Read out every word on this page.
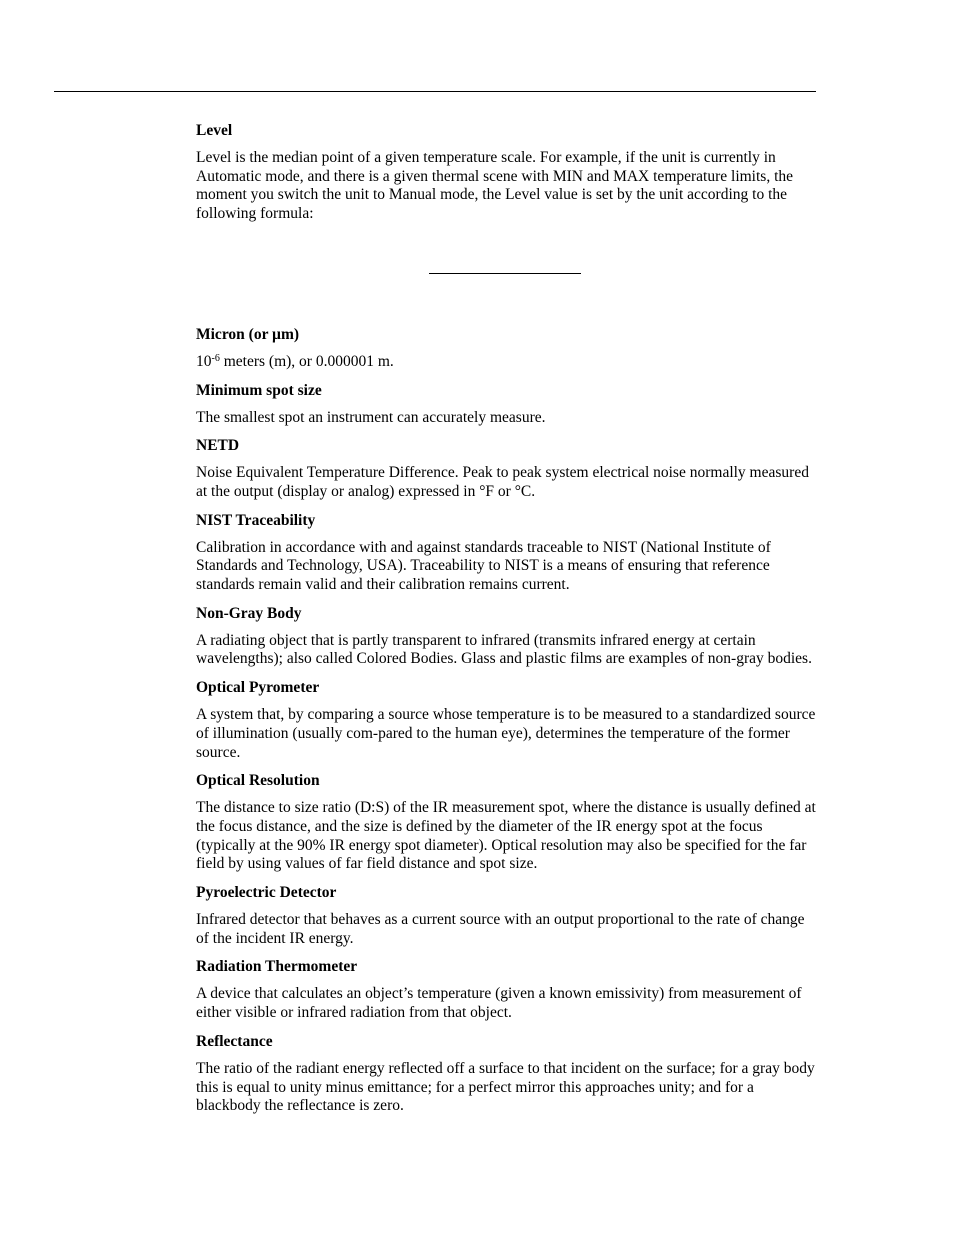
Level
Level is the median point of a given temperature scale. For example, if the unit is currently in Automatic mode, and there is a given thermal scene with MIN and MAX temperature limits, the moment you switch the unit to Manual mode, the Level value is set by the unit according to the following formula:
Micron (or µm)
$10^{-6}$ meters (m), or 0.000001 m.
Minimum spot size
The smallest spot an instrument can accurately measure.
NETD
Noise Equivalent Temperature Difference. Peak to peak system electrical noise normally measured at the output (display or analog) expressed in °F or °C.
NIST Traceability
Calibration in accordance with and against standards traceable to NIST (National Institute of Standards and Technology, USA). Traceability to NIST is a means of ensuring that reference standards remain valid and their calibration remains current.
Non-Gray Body
A radiating object that is partly transparent to infrared (transmits infrared energy at certain wavelengths); also called Colored Bodies. Glass and plastic films are examples of non-gray bodies.
Optical Pyrometer
A system that, by comparing a source whose temperature is to be measured to a standardized source of illumination (usually com-pared to the human eye), determines the temperature of the former source.
Optical Resolution
The distance to size ratio (D:S) of the IR measurement spot, where the distance is usually defined at the focus distance, and the size is defined by the diameter of the IR energy spot at the focus (typically at the 90% IR energy spot diameter). Optical resolution may also be specified for the far field by using values of far field distance and spot size.
Pyroelectric Detector
Infrared detector that behaves as a current source with an output proportional to the rate of change of the incident IR energy.
Radiation Thermometer
A device that calculates an object’s temperature (given a known emissivity) from measurement of either visible or infrared radiation from that object.
Reflectance
The ratio of the radiant energy reflected off a surface to that incident on the surface; for a gray body this is equal to unity minus emittance; for a perfect mirror this approaches unity; and for a blackbody the reflectance is zero.
